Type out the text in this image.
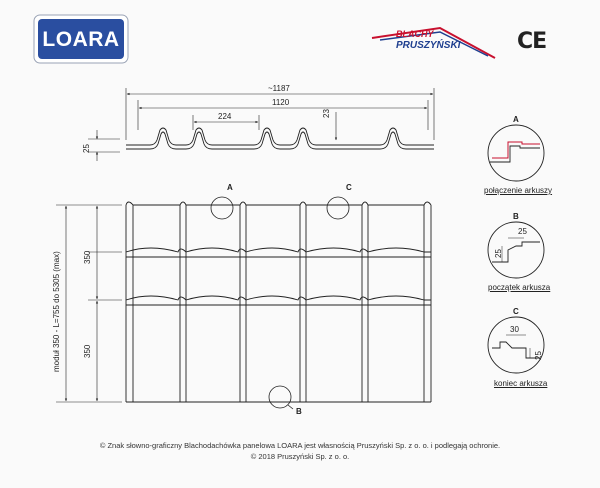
LOARA	BLACHY
PRUSZYŃSKI	CE
~1187
1120
224	23
25
moduł 350 - L=755 do 5305 (max)	350
350
A	C
B
A
połączenie arkuszy
B
25
25
początek arkusza
C
30
25
koniec arkusza
© Znak słowno-graficzny Blachodachówka panelowa LOARA jest własnością Pruszyński Sp. z o. o. i podlegają ochronie.
© 2018 Pruszyński Sp. z o. o.
